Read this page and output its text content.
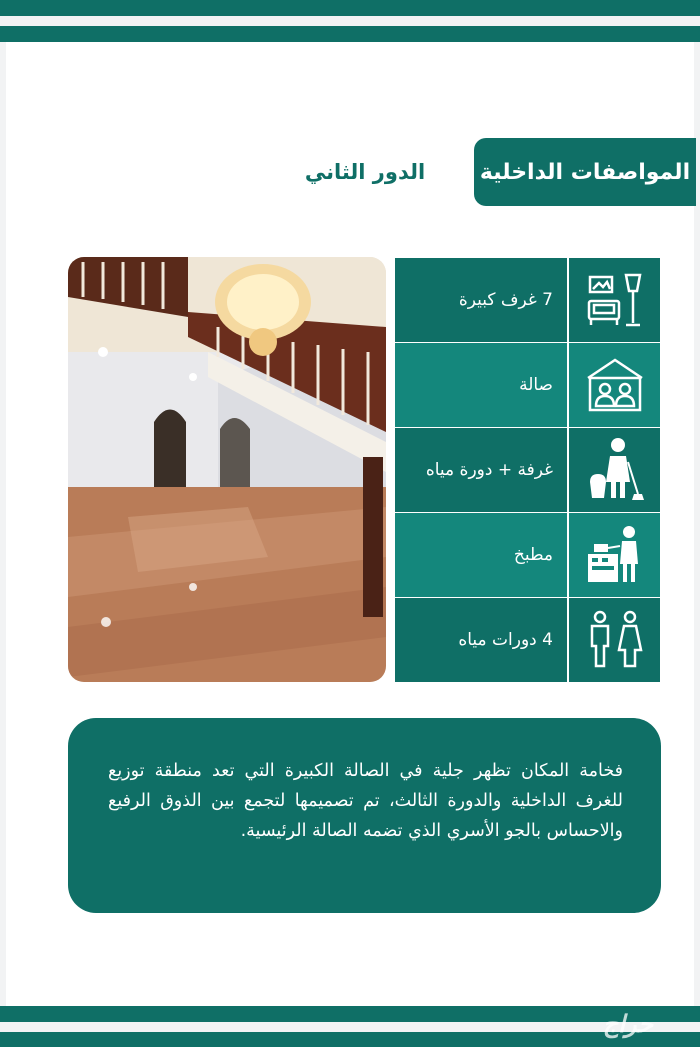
المواصفات الداخلية
الدور الثاني
7 غرف كبيرة
صالة
غرفة + دورة مياه
مطبخ
4 دورات مياه

فخامة المكان تظهر جلية في الصالة الكبيرة التي تعد منطقة توزيع للغرف الداخلية والدورة الثالث، تم تصميمها لتجمع بين الذوق الرفيع والاحساس بالجو الأسري الذي تضمه الصالة الرئيسية.

حراج
